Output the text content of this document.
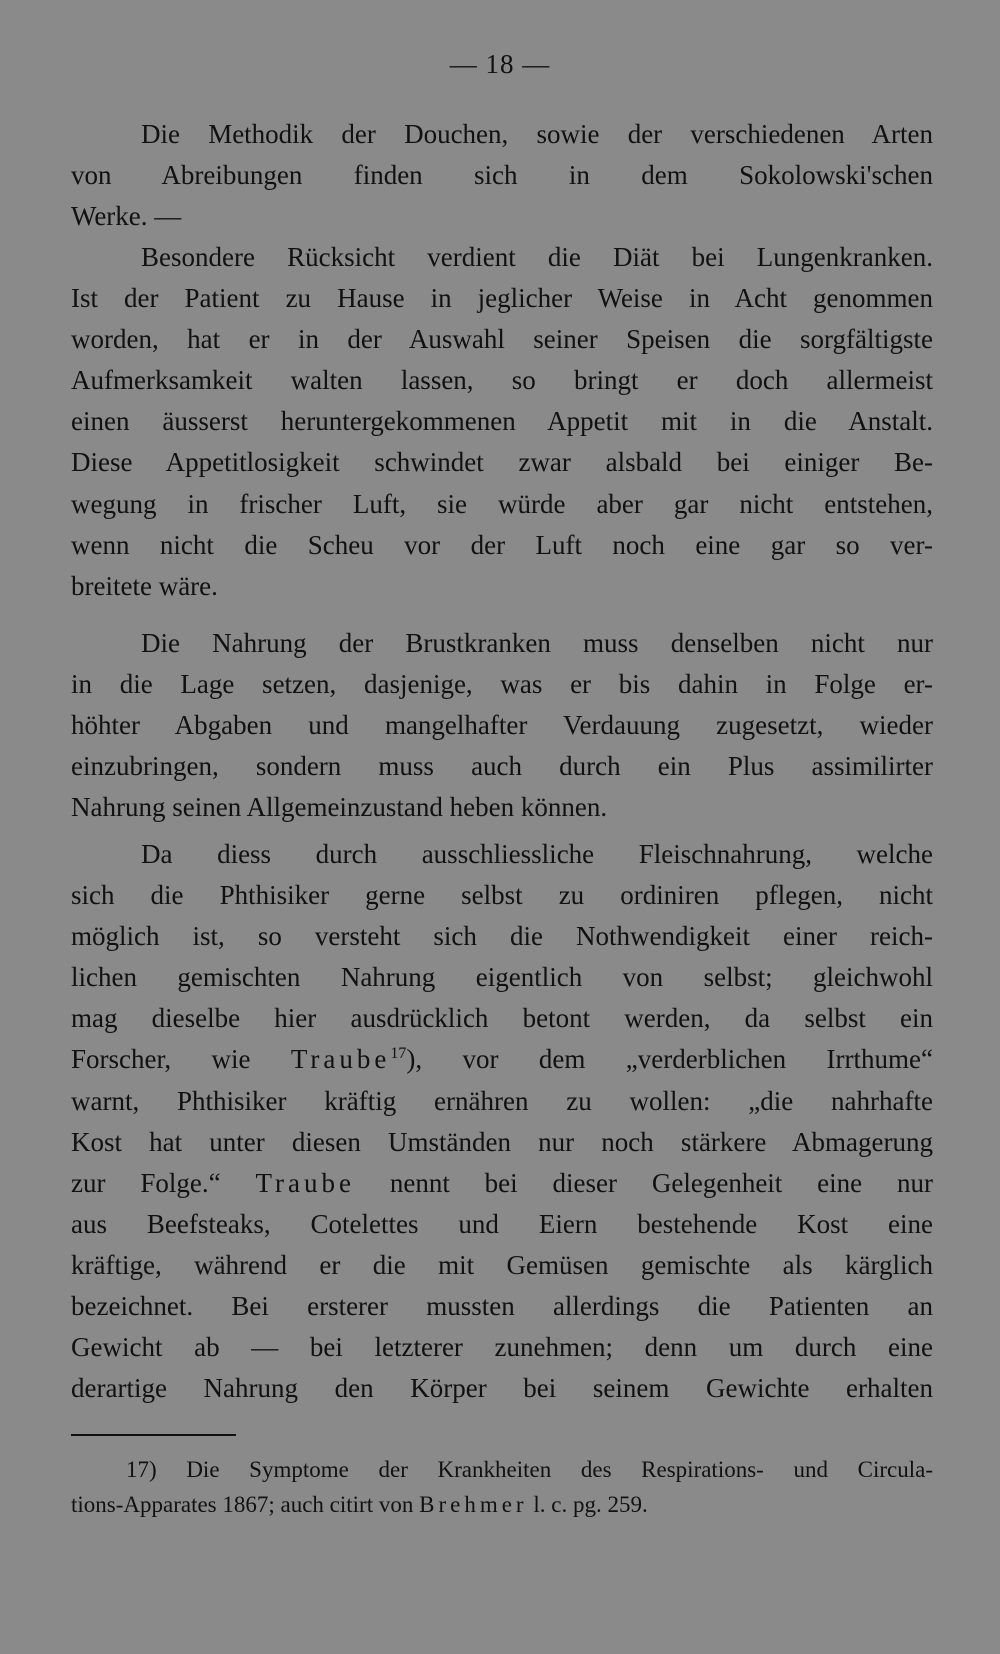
— 18 —
Die Methodik der Douchen, sowie der verschiedenen Arten
von Abreibungen finden sich in dem Sokolowski'schen
Werke. —
Besondere Rücksicht verdient die Diät bei Lungenkranken.
Ist der Patient zu Hause in jeglicher Weise in Acht genommen
worden, hat er in der Auswahl seiner Speisen die sorgfältigste
Aufmerksamkeit walten lassen, so bringt er doch allermeist
einen äusserst heruntergekommenen Appetit mit in die Anstalt.
Diese Appetitlosigkeit schwindet zwar alsbald bei einiger Be-
wegung in frischer Luft, sie würde aber gar nicht entstehen,
wenn nicht die Scheu vor der Luft noch eine gar so ver-
breitete wäre.
Die Nahrung der Brustkranken muss denselben nicht nur
in die Lage setzen, dasjenige, was er bis dahin in Folge er-
höhter Abgaben und mangelhafter Verdauung zugesetzt, wieder
einzubringen, sondern muss auch durch ein Plus assimilirter
Nahrung seinen Allgemeinzustand heben können.
Da diess durch ausschliessliche Fleischnahrung, welche
sich die Phthisiker gerne selbst zu ordiniren pflegen, nicht
möglich ist, so versteht sich die Nothwendigkeit einer reich-
lichen gemischten Nahrung eigentlich von selbst; gleichwohl
mag dieselbe hier ausdrücklich betont werden, da selbst ein
Forscher, wie Traube$^{17}$), vor dem „verderblichen Irrthume“
warnt, Phthisiker kräftig ernähren zu wollen: „die nahrhafte
Kost hat unter diesen Umständen nur noch stärkere Abmagerung
zur Folge.“ Traube nennt bei dieser Gelegenheit eine nur
aus Beefsteaks, Cotelettes und Eiern bestehende Kost eine
kräftige, während er die mit Gemüsen gemischte als kärglich
bezeichnet. Bei ersterer mussten allerdings die Patienten an
Gewicht ab — bei letzterer zunehmen; denn um durch eine
derartige Nahrung den Körper bei seinem Gewichte erhalten
17) Die Symptome der Krankheiten des Respirations- und Circula-
tions-Apparates 1867; auch citirt von Brehmer l. c. pg. 259.
